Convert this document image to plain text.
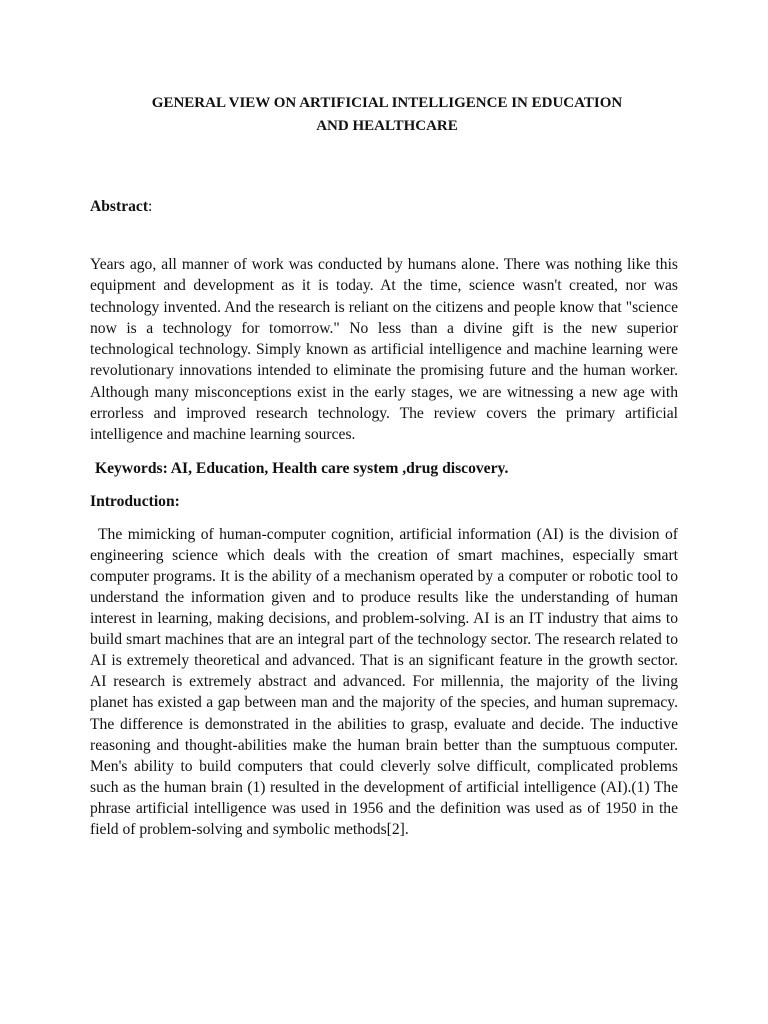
GENERAL VIEW ON ARTIFICIAL INTELLIGENCE IN EDUCATION
AND HEALTHCARE

Abstract:

Years ago, all manner of work was conducted by humans alone. There was nothing like this equipment and development as it is today. At the time, science wasn't created, nor was technology invented. And the research is reliant on the citizens and people know that "science now is a technology for tomorrow." No less than a divine gift is the new superior technological technology. Simply known as artificial intelligence and machine learning were revolutionary innovations intended to eliminate the promising future and the human worker. Although many misconceptions exist in the early stages, we are witnessing a new age with errorless and improved research technology. The review covers the primary artificial intelligence and machine learning sources.

Keywords: AI, Education, Health care system ,drug discovery.

Introduction:

The mimicking of human-computer cognition, artificial information (AI) is the division of engineering science which deals with the creation of smart machines, especially smart computer programs. It is the ability of a mechanism operated by a computer or robotic tool to understand the information given and to produce results like the understanding of human interest in learning, making decisions, and problem-solving. AI is an IT industry that aims to build smart machines that are an integral part of the technology sector. The research related to AI is extremely theoretical and advanced. That is an significant feature in the growth sector. AI research is extremely abstract and advanced. For millennia, the majority of the living planet has existed a gap between man and the majority of the species, and human supremacy. The difference is demonstrated in the abilities to grasp, evaluate and decide. The inductive reasoning and thought-abilities make the human brain better than the sumptuous computer. Men's ability to build computers that could cleverly solve difficult, complicated problems such as the human brain (1) resulted in the development of artificial intelligence (AI).(1) The phrase artificial intelligence was used in 1956 and the definition was used as of 1950 in the field of problem-solving and symbolic methods[2].
